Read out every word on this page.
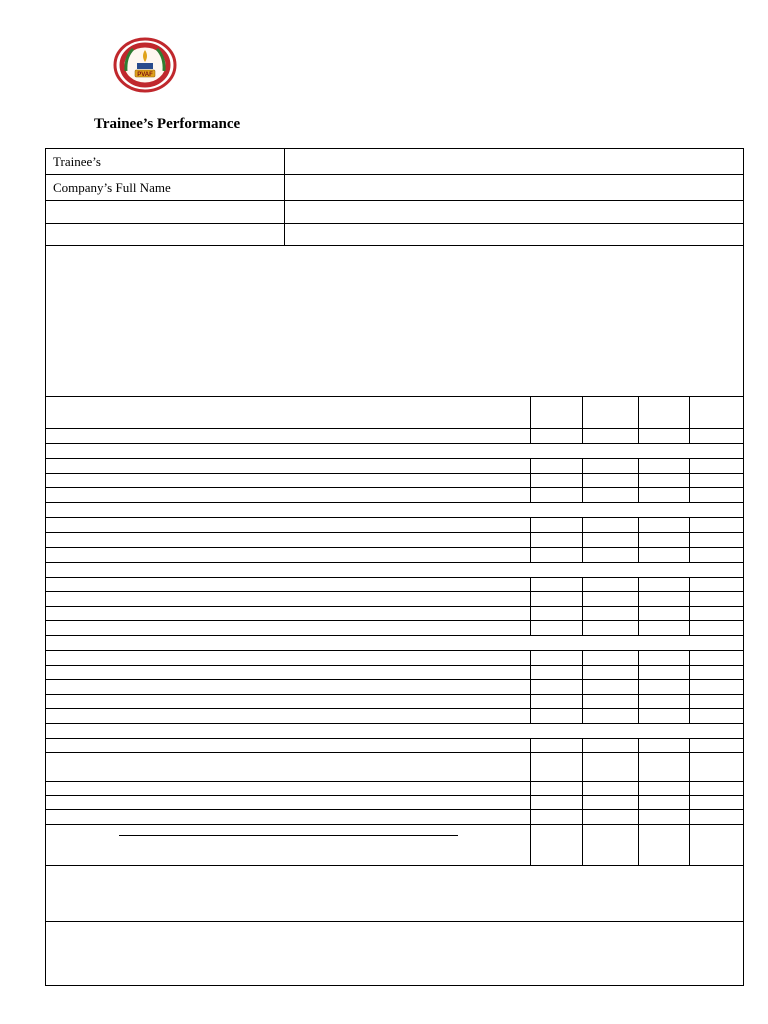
PVAF
Trainee’s Performance
Trainee’s
Company’s Full Name
